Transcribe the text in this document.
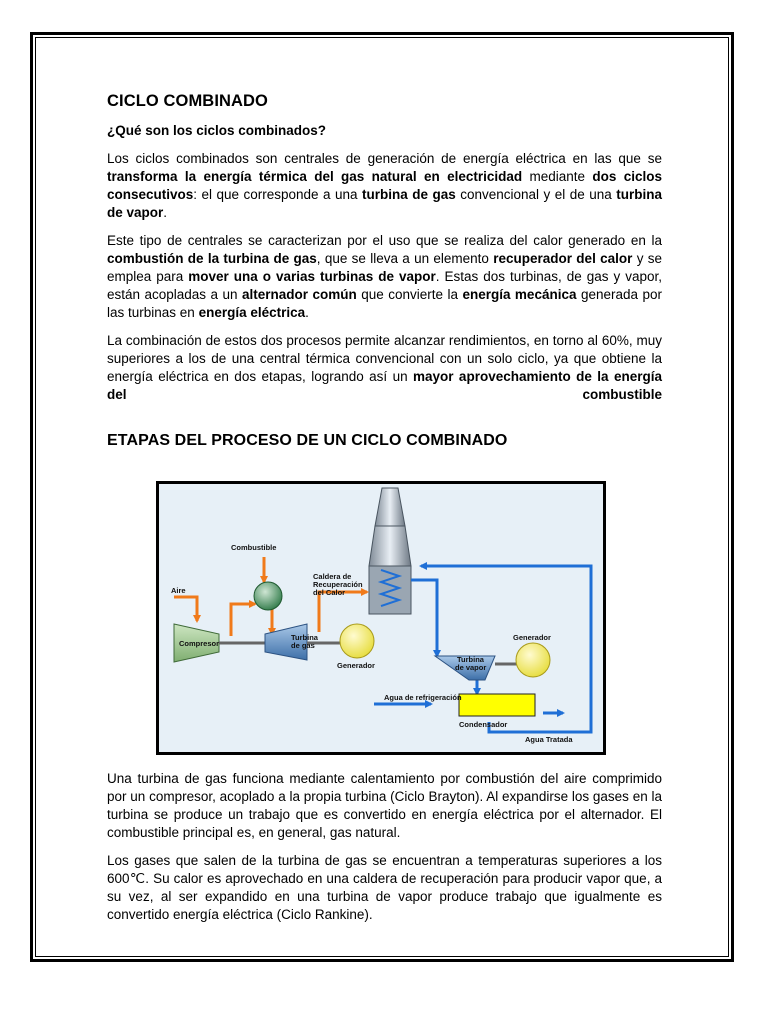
CICLO COMBINADO

¿Qué son los ciclos combinados?

Los ciclos combinados son centrales de generación de energía eléctrica en las que se transforma la energía térmica del gas natural en electricidad mediante dos ciclos consecutivos: el que corresponde a una turbina de gas convencional y el de una turbina de vapor.

Este tipo de centrales se caracterizan por el uso que se realiza del calor generado en la combustión de la turbina de gas, que se lleva a un elemento recuperador del calor y se emplea para mover una o varias turbinas de vapor. Estas dos turbinas, de gas y vapor, están acopladas a un alternador común que convierte la energía mecánica generada por las turbinas en energía eléctrica.

La combinación de estos dos procesos permite alcanzar rendimientos, en torno al 60%, muy superiores a los de una central térmica convencional con un solo ciclo, ya que obtiene la energía eléctrica en dos etapas, logrando así un mayor aprovechamiento de la energía del combustible

ETAPAS DEL PROCESO DE UN CICLO COMBINADO
Combustible
Aire
Compresor
Turbina
de gas
Generador
Caldera de
Recuperación
del Calor
Generador
Turbina
de vapor
Agua de refrigeración
Condensador
Agua Tratada

Una turbina de gas funciona mediante calentamiento por combustión del aire comprimido por un compresor, acoplado a la propia turbina (Ciclo Brayton). Al expandirse los gases en la turbina se produce un trabajo que es convertido en energía eléctrica por el alternador. El combustible principal es, en general, gas natural.

Los gases que salen de la turbina de gas se encuentran a temperaturas superiores a los 600℃. Su calor es aprovechado en una caldera de recuperación para producir vapor que, a su vez, al ser expandido en una turbina de vapor produce trabajo que igualmente es convertido energía eléctrica (Ciclo Rankine).
